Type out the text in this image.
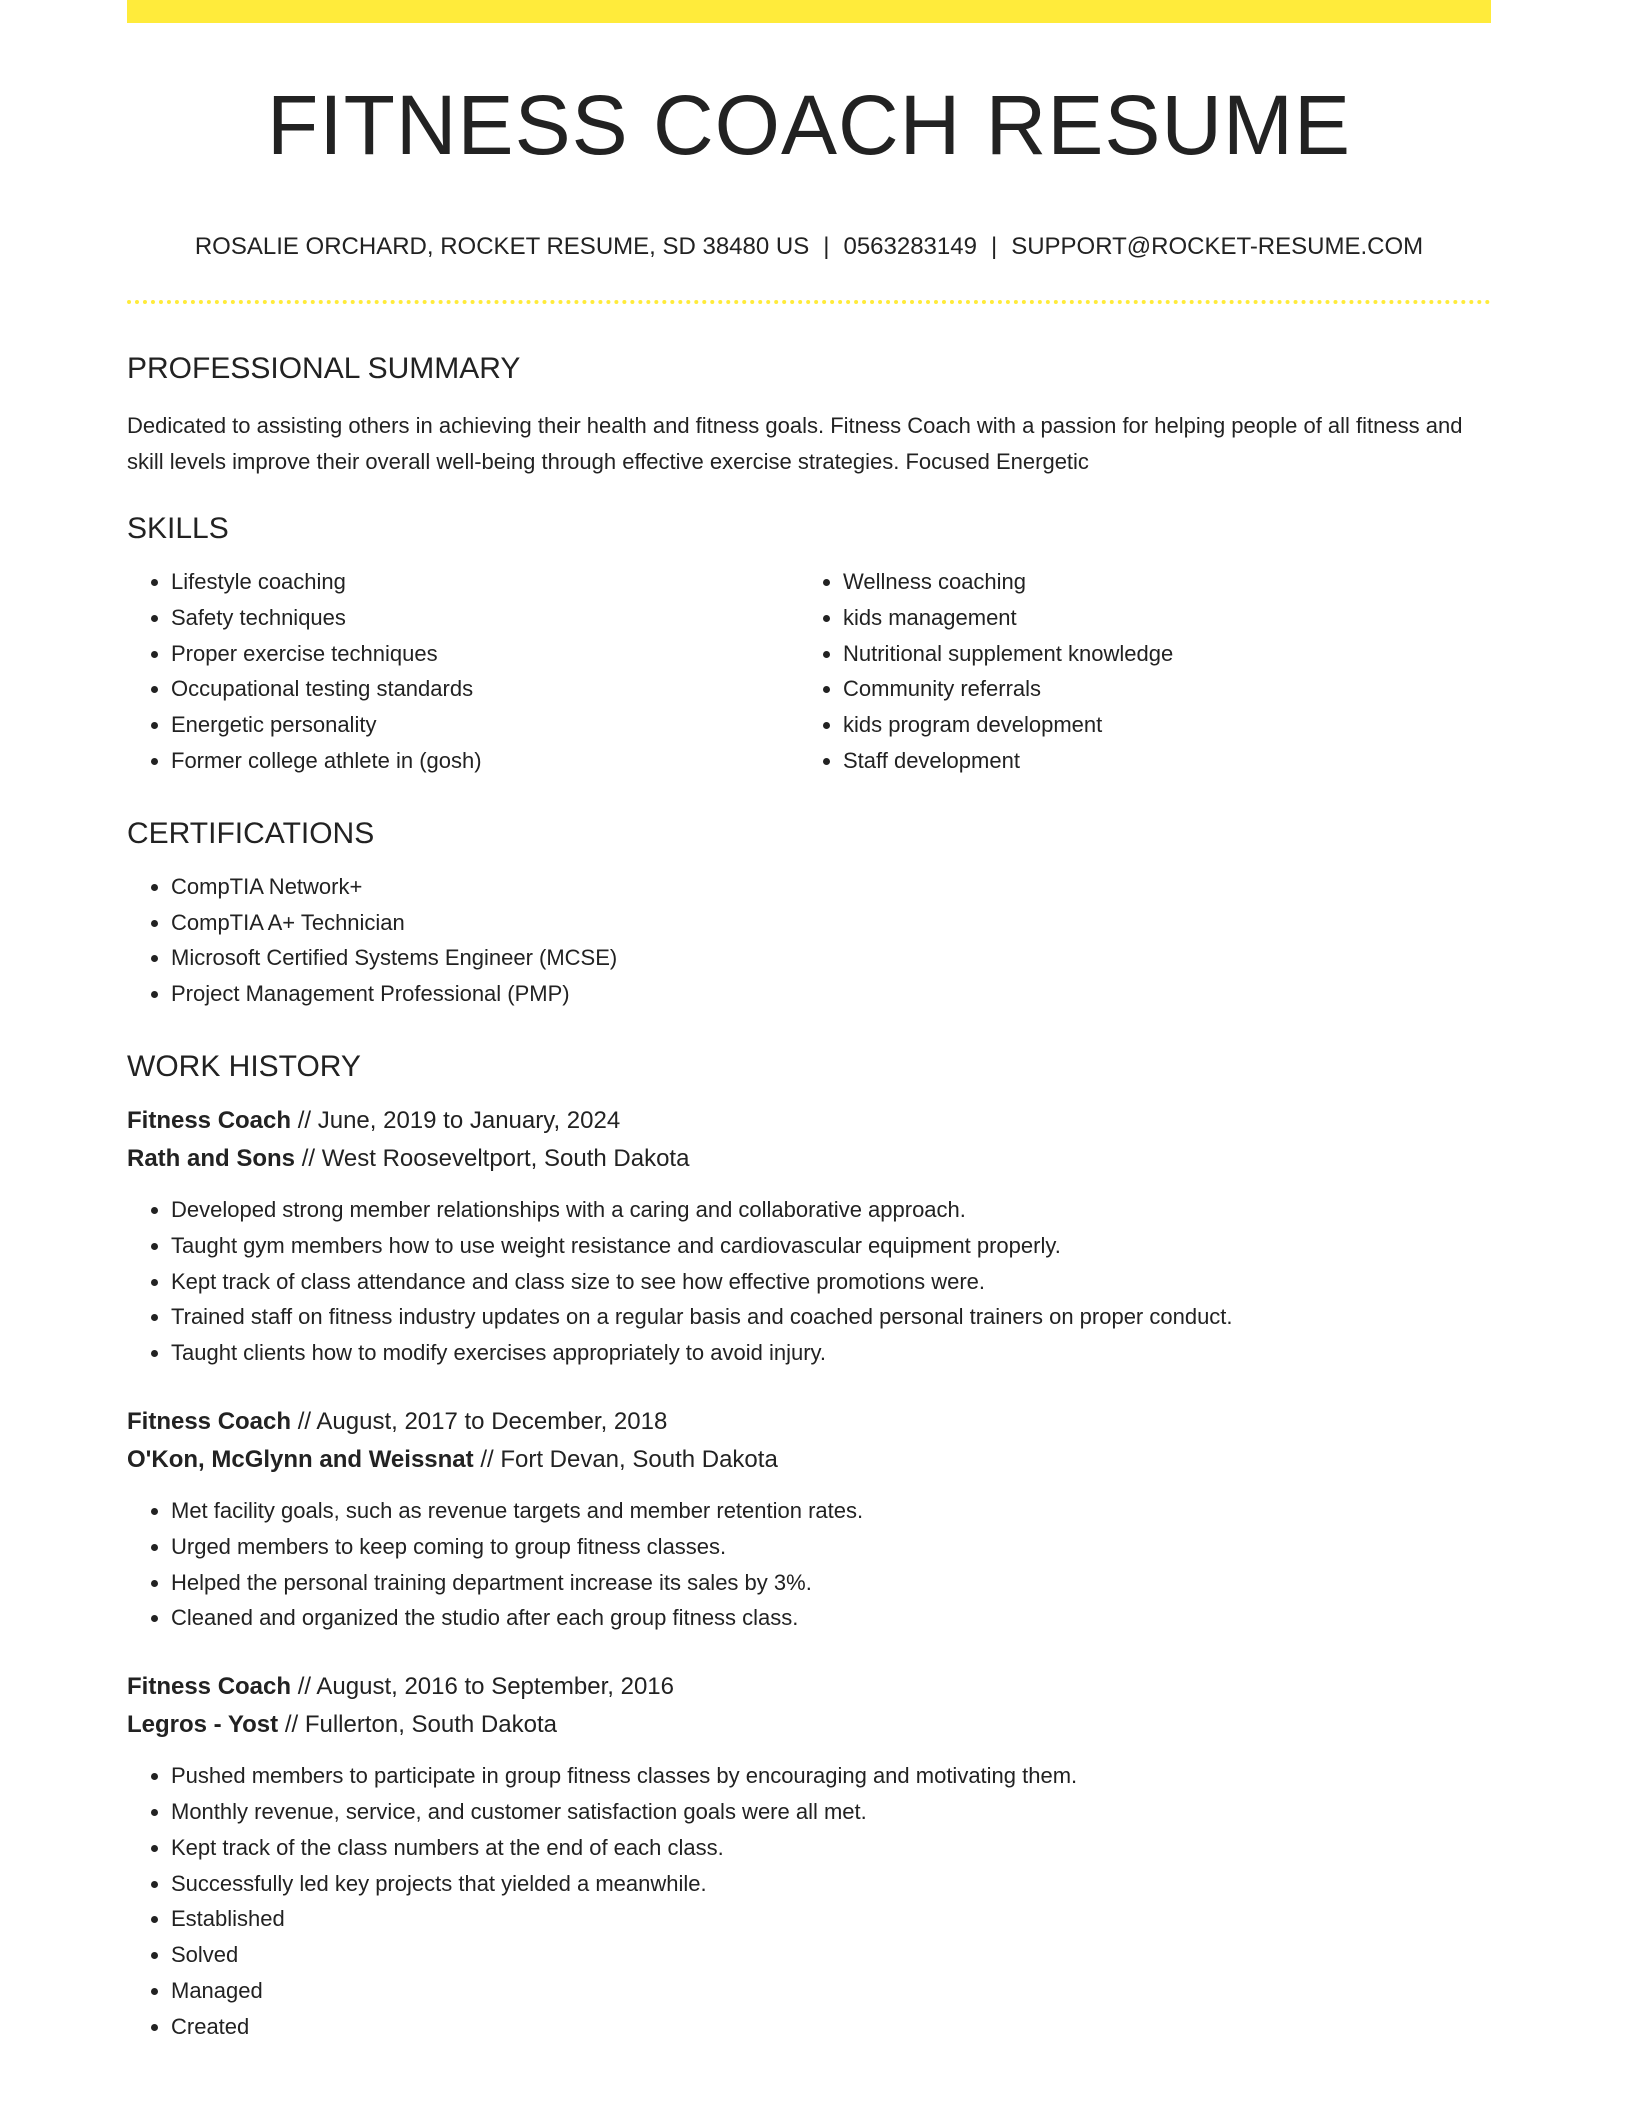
FITNESS COACH RESUME
ROSALIE ORCHARD, ROCKET RESUME, SD 38480 US | 0563283149 | SUPPORT@ROCKET-RESUME.COM
PROFESSIONAL SUMMARY
Dedicated to assisting others in achieving their health and fitness goals. Fitness Coach with a passion for helping people of all fitness and skill levels improve their overall well-being through effective exercise strategies. Focused Energetic
SKILLS
• Lifestyle coaching
• Safety techniques
• Proper exercise techniques
• Occupational testing standards
• Energetic personality
• Former college athlete in (gosh)
• Wellness coaching
• kids management
• Nutritional supplement knowledge
• Community referrals
• kids program development
• Staff development
CERTIFICATIONS
• CompTIA Network+
• CompTIA A+ Technician
• Microsoft Certified Systems Engineer (MCSE)
• Project Management Professional (PMP)
WORK HISTORY
Fitness Coach // June, 2019 to January, 2024
Rath and Sons // West Rooseveltport, South Dakota
• Developed strong member relationships with a caring and collaborative approach.
• Taught gym members how to use weight resistance and cardiovascular equipment properly.
• Kept track of class attendance and class size to see how effective promotions were.
• Trained staff on fitness industry updates on a regular basis and coached personal trainers on proper conduct.
• Taught clients how to modify exercises appropriately to avoid injury.
Fitness Coach // August, 2017 to December, 2018
O'Kon, McGlynn and Weissnat // Fort Devan, South Dakota
• Met facility goals, such as revenue targets and member retention rates.
• Urged members to keep coming to group fitness classes.
• Helped the personal training department increase its sales by 3%.
• Cleaned and organized the studio after each group fitness class.
Fitness Coach // August, 2016 to September, 2016
Legros - Yost // Fullerton, South Dakota
• Pushed members to participate in group fitness classes by encouraging and motivating them.
• Monthly revenue, service, and customer satisfaction goals were all met.
• Kept track of the class numbers at the end of each class.
• Successfully led key projects that yielded a meanwhile.
• Established
• Solved
• Managed
• Created
